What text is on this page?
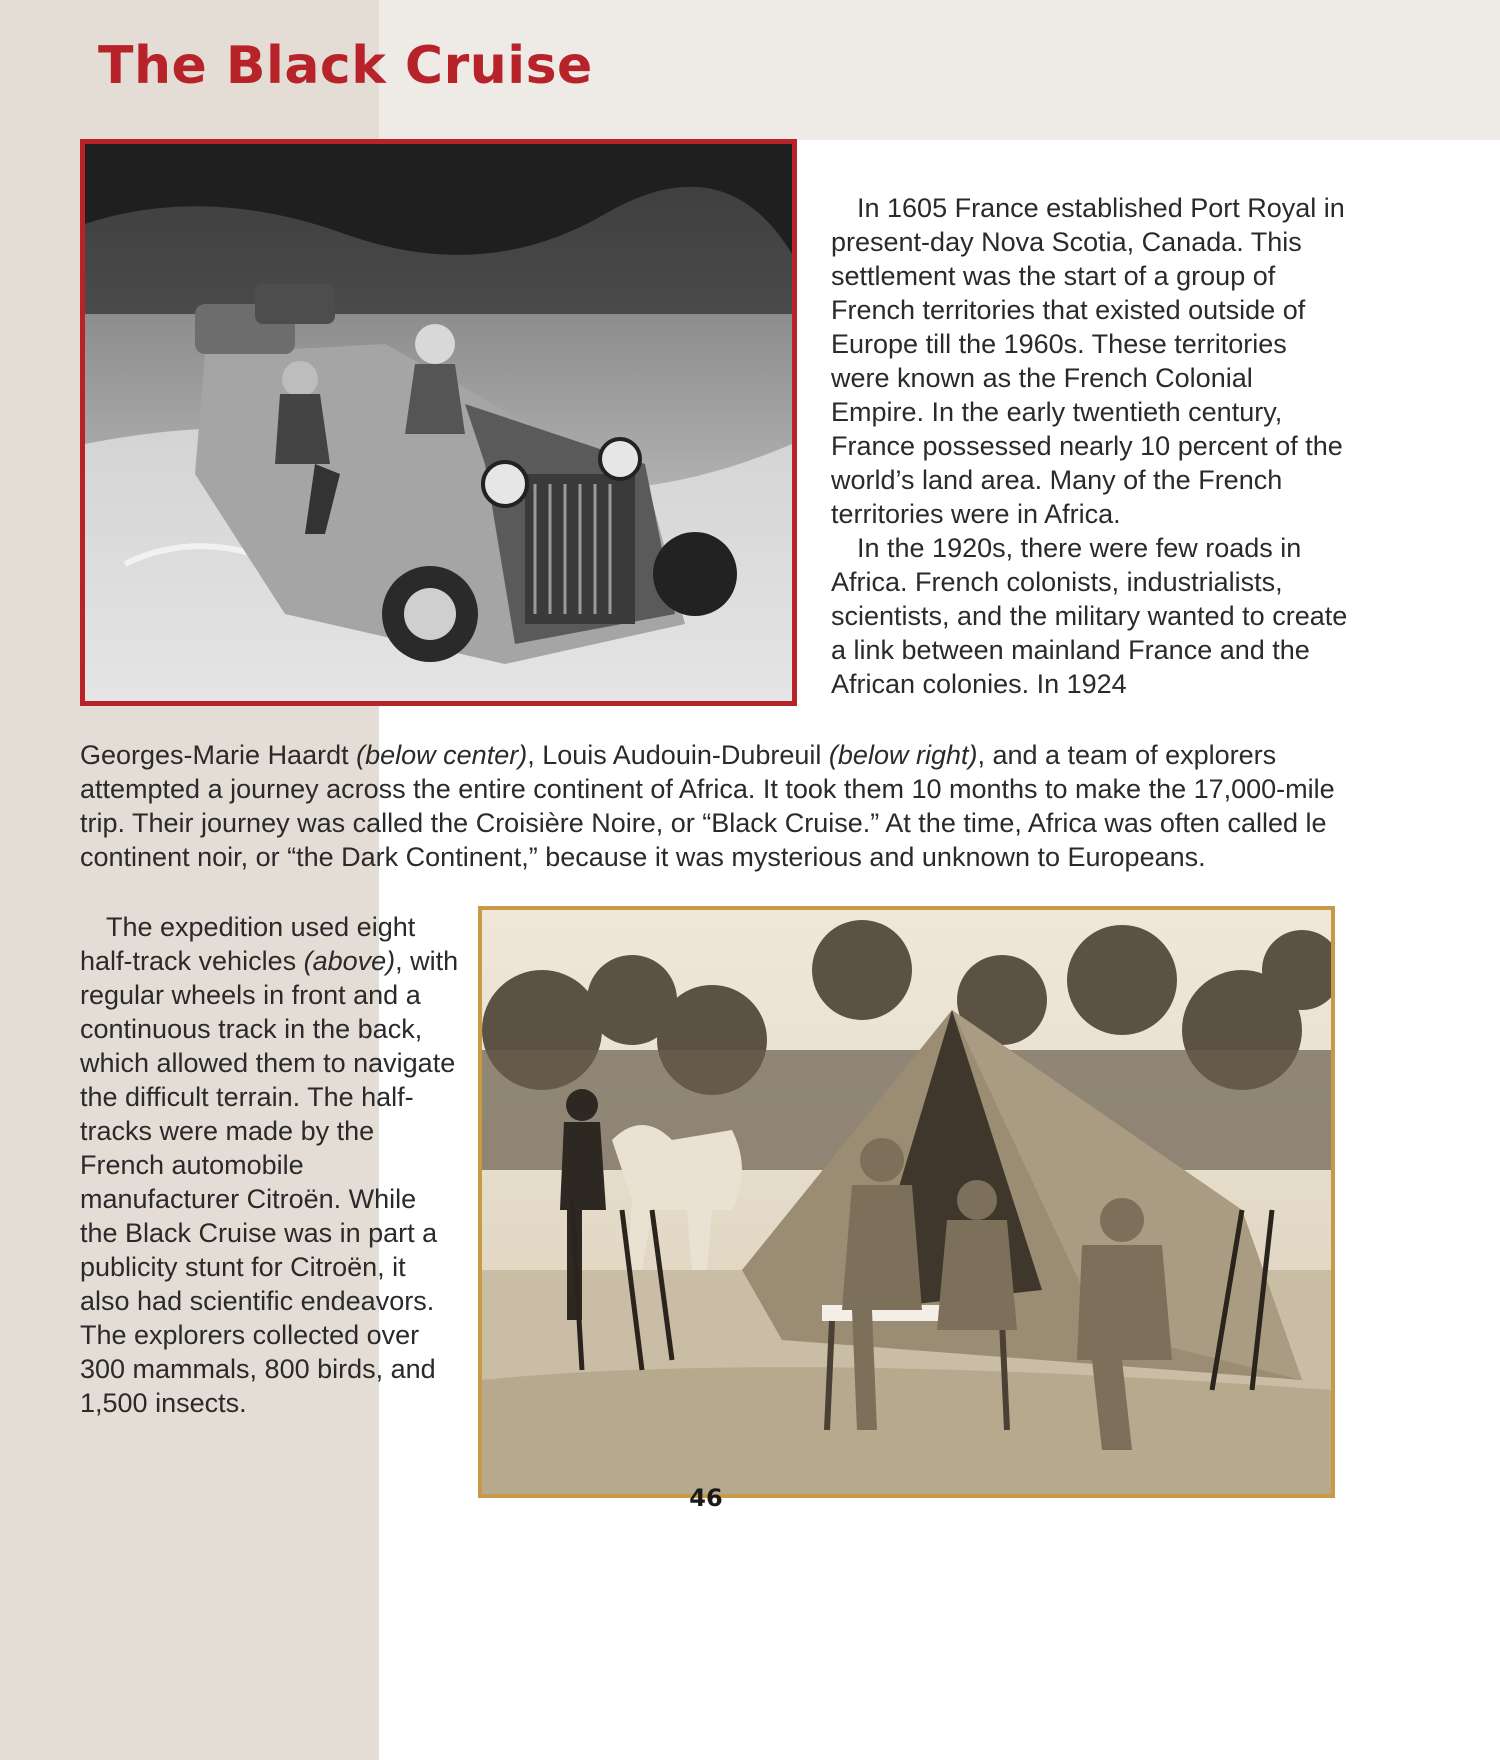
The Black Cruise

In 1605 France established Port Royal in present-day Nova Scotia, Canada. This settlement was the start of a group of French territories that existed outside of Europe till the 1960s. These territories were known as the French Colonial Empire. In the early twentieth century, France possessed nearly 10 percent of the world’s land area. Many of the French territories were in Africa.

In the 1920s, there were few roads in Africa. French colonists, industrialists, scientists, and the military wanted to create a link between mainland France and the African colonies. In 1924

Georges-Marie Haardt (below center), Louis Audouin-Dubreuil (below right), and a team of explorers attempted a journey across the entire continent of Africa. It took them 10 months to make the 17,000-mile trip. Their journey was called the Croisière Noire, or “Black Cruise.” At the time, Africa was often called le continent noir, or “the Dark Continent,” because it was mysterious and unknown to Europeans.

The expedition used eight half-track vehicles (above), with regular wheels in front and a continuous track in the back, which allowed them to navigate the difficult terrain. The half-tracks were made by the French automobile manufacturer Citroën. While the Black Cruise was in part a publicity stunt for Citroën, it also had scientific endeavors. The explorers collected over 300 mammals, 800 birds, and 1,500 insects.

46
